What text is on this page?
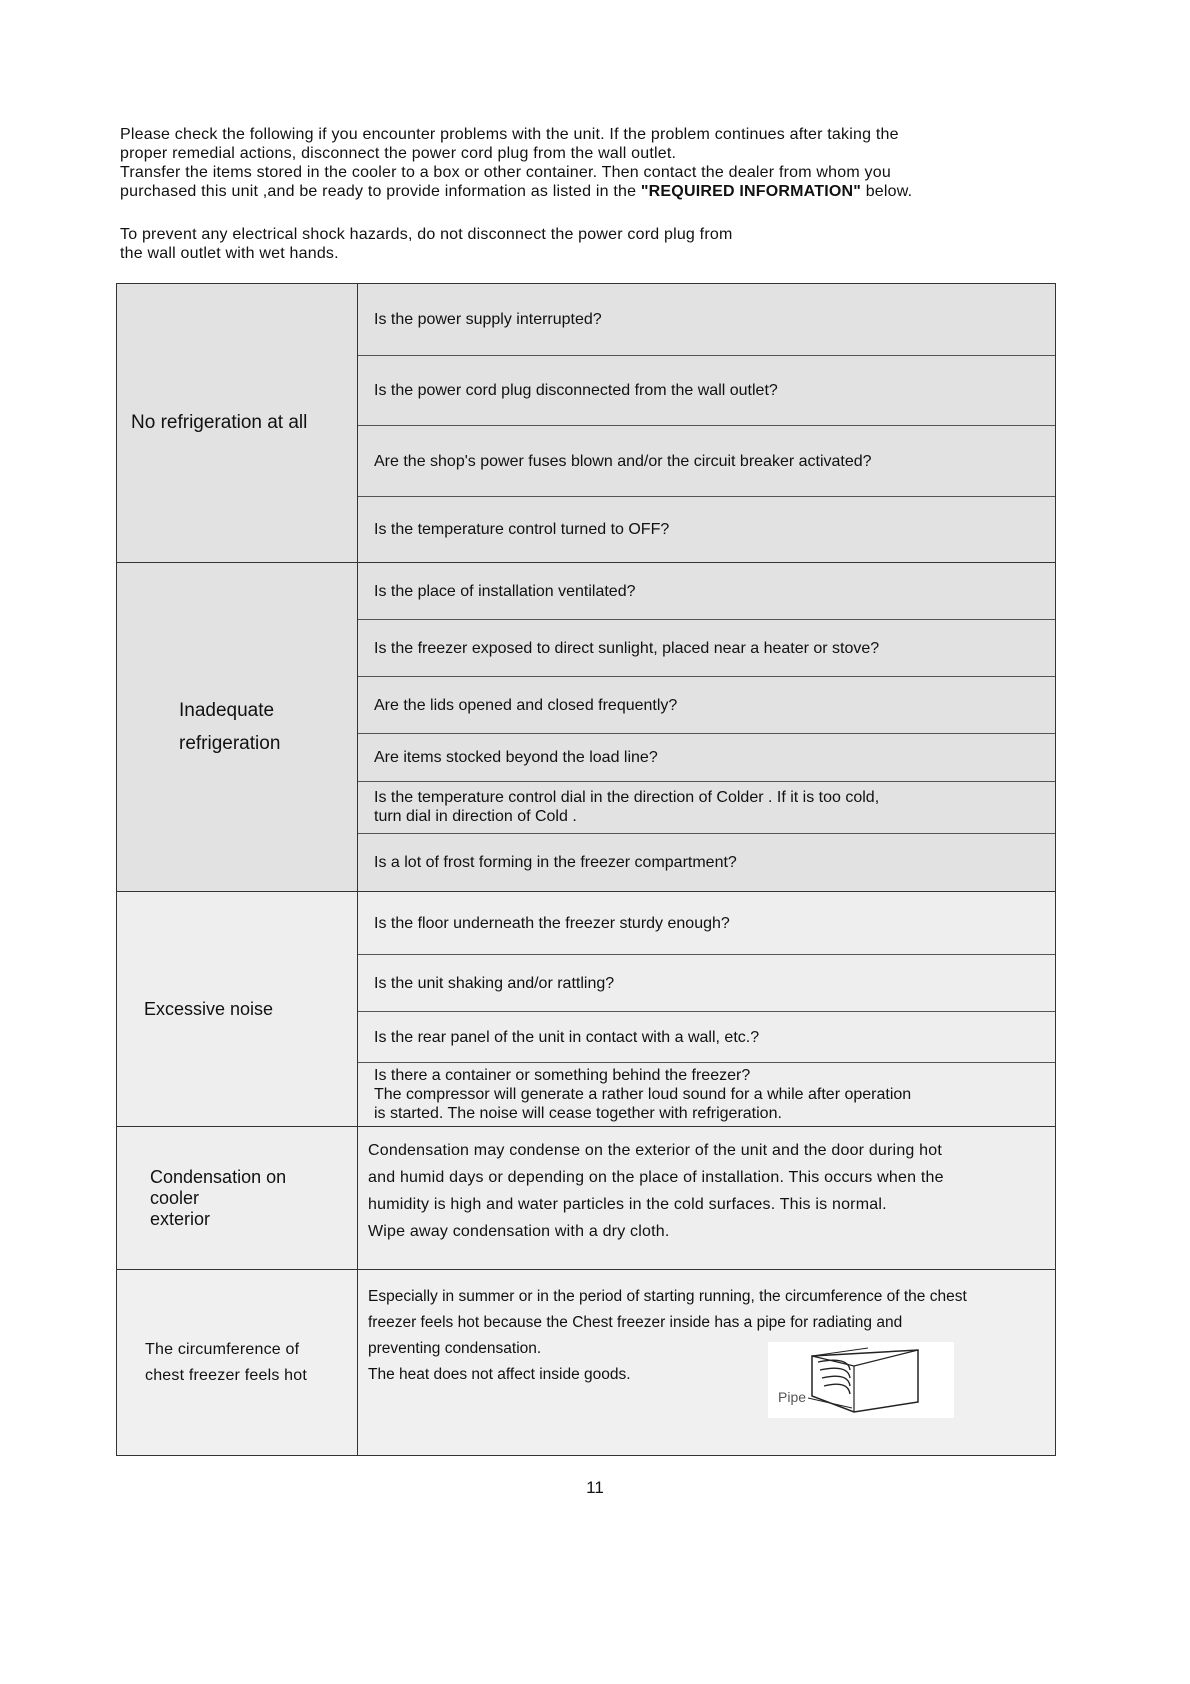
Please check the following if you encounter problems with the unit. If the problem continues after taking the

proper remedial actions, disconnect the power cord plug from the wall outlet.

Transfer the items stored in the cooler to a box or other container. Then contact the dealer from whom you

purchased this unit ,and be ready to provide information as listed in the "REQUIRED INFORMATION" below.

To prevent any electrical shock hazards, do not disconnect the power cord plug from

the wall outlet with wet hands.

No refrigeration at all
Is the power supply interrupted?
Is the power cord plug disconnected from the wall outlet?
Are the shop's power fuses blown and/or the circuit breaker activated?
Is the temperature control turned to OFF?
Inadequate
refrigeration
Is the place of installation ventilated?
Is the freezer exposed to direct sunlight, placed near a heater or stove?
Are the lids opened and closed frequently?
Are items stocked beyond the load line?
Is the temperature control dial in the direction of Colder . If it is too cold,
turn dial in direction of Cold .
Is a lot of frost forming in the freezer compartment?
Excessive noise
Is the floor underneath the freezer sturdy enough?
Is the unit shaking and/or rattling?
Is the rear panel of the unit in contact with a wall, etc.?
Is there a container or something behind the freezer?
The compressor will generate a rather loud sound for a while after operation
is started. The noise will cease together with refrigeration.
Condensation on
cooler
exterior

Condensation may condense on the exterior of the unit and the door during hot

and humid days or depending on the place of installation. This occurs when the

humidity is high and water particles in the cold surfaces. This is normal.

Wipe away condensation with a dry cloth.

The circumference of
chest freezer feels hot

Especially in summer or in the period of starting running, the circumference of the chest

freezer feels hot because the Chest freezer inside has a pipe for radiating and

preventing condensation.

The heat does not affect inside goods.

Pipe
11
